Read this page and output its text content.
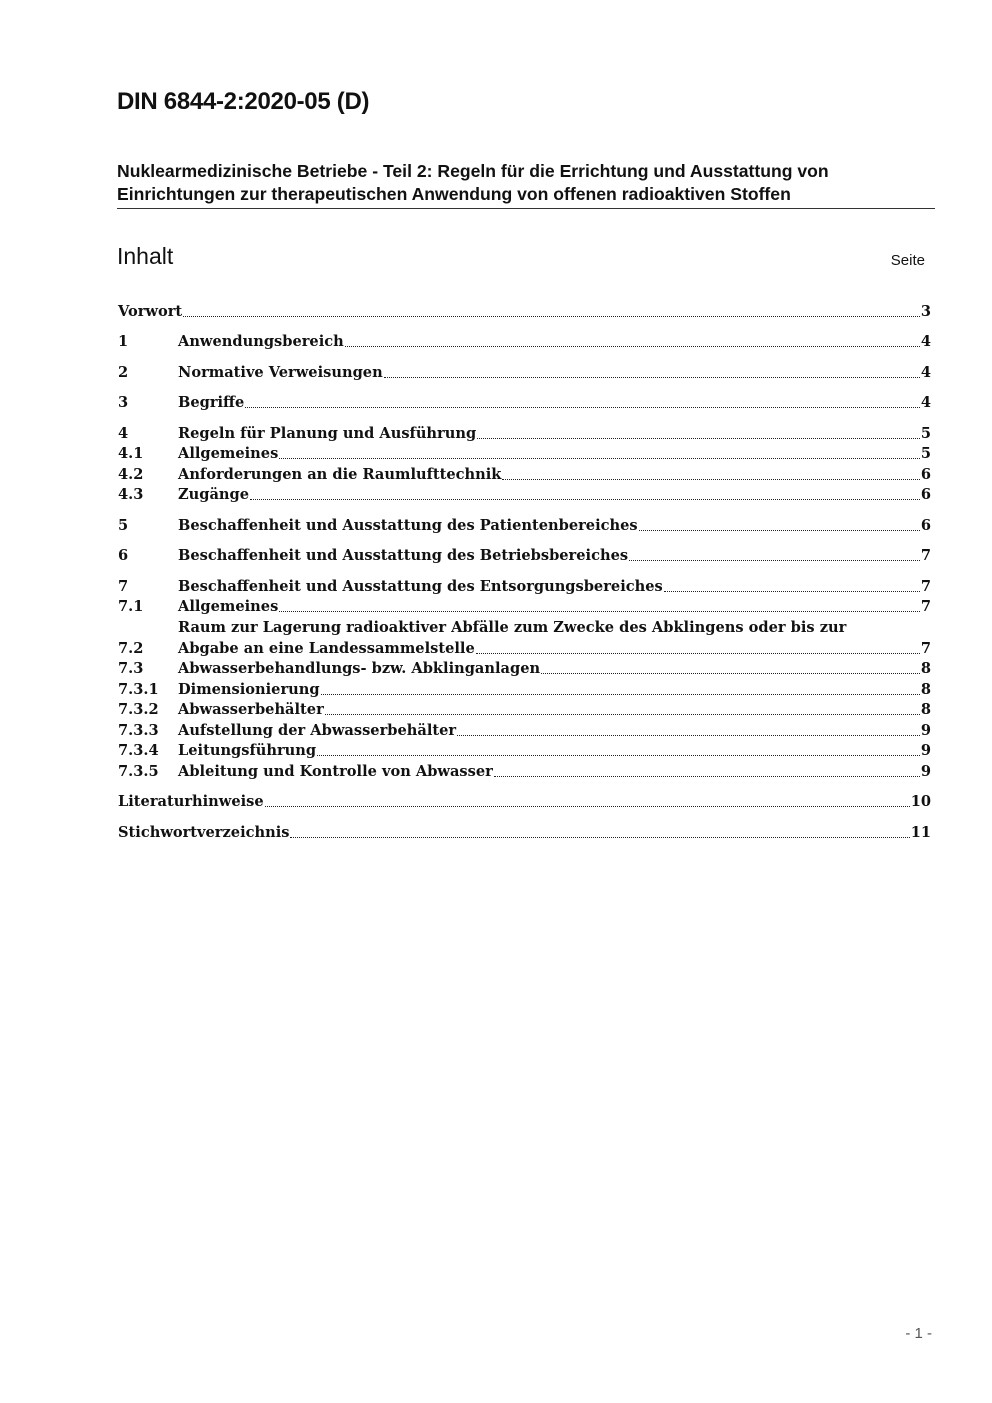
DIN 6844-2:2020-05 (D)
Nuklearmedizinische Betriebe - Teil 2: Regeln für die Errichtung und Ausstattung von
Einrichtungen zur therapeutischen Anwendung von offenen radioaktiven Stoffen
Inhalt	Seite
Vorwort	3
1	Anwendungsbereich	4
2	Normative Verweisungen	4
3	Begriffe	4
4	Regeln für Planung und Ausführung	5
4.1	Allgemeines	5
4.2	Anforderungen an die Raumlufttechnik	6
4.3	Zugänge	6
5	Beschaffenheit und Ausstattung des Patientenbereiches	6
6	Beschaffenheit und Ausstattung des Betriebsbereiches	7
7	Beschaffenheit und Ausstattung des Entsorgungsbereiches	7
7.1	Allgemeines	7
Raum zur Lagerung radioaktiver Abfälle zum Zwecke des Abklingens oder bis zur
7.2	Abgabe an eine Landessammelstelle	7
7.3	Abwasserbehandlungs- bzw. Abklinganlagen	8
7.3.1	Dimensionierung	8
7.3.2	Abwasserbehälter	8
7.3.3	Aufstellung der Abwasserbehälter	9
7.3.4	Leitungsführung	9
7.3.5	Ableitung und Kontrolle von Abwasser	9
Literaturhinweise	10
Stichwortverzeichnis	11
- 1 -
